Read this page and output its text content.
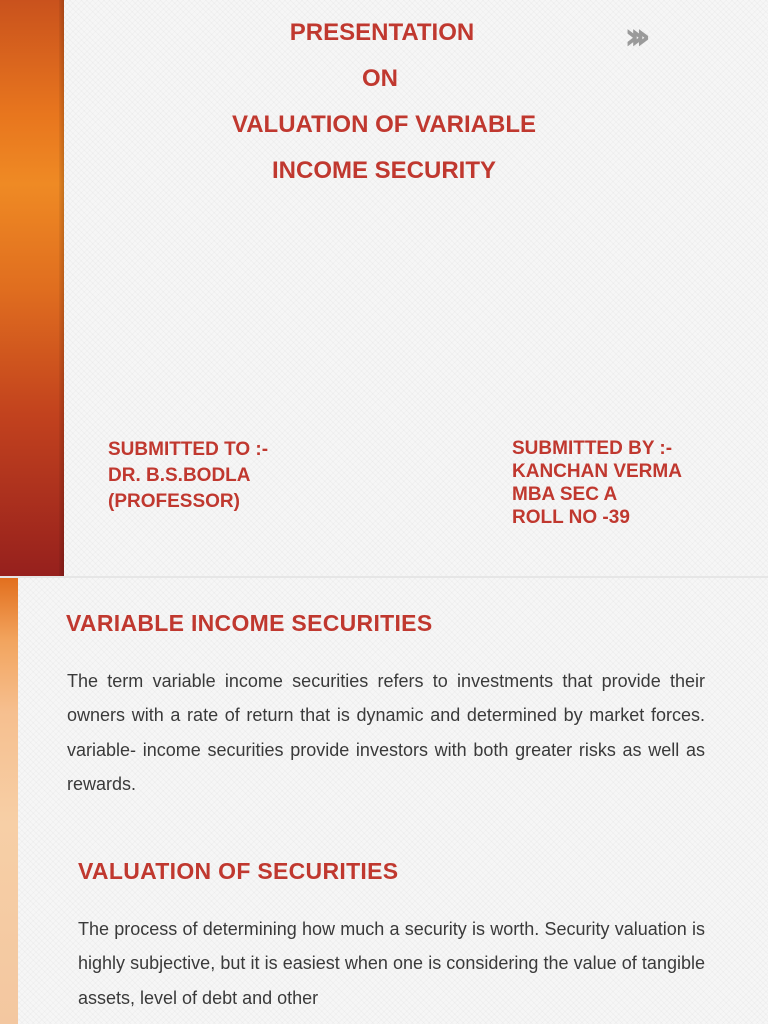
›››
PRESENTATION
ON
VALUATION OF VARIABLE
INCOME SECURITY
SUBMITTED TO :-
DR. B.S.BODLA
(PROFESSOR)
SUBMITTED BY :-
KANCHAN VERMA
MBA SEC A
ROLL NO -39
VARIABLE INCOME SECURITIES

The term variable income securities refers to investments that provide their owners with a rate of return that is dynamic and determined by market forces. variable- income securities provide investors with both greater risks as well as rewards.

VALUATION OF SECURITIES

The process of determining how much a security is worth. Security valuation is highly subjective, but it is easiest when one is considering the value of tangible assets, level of debt and other
